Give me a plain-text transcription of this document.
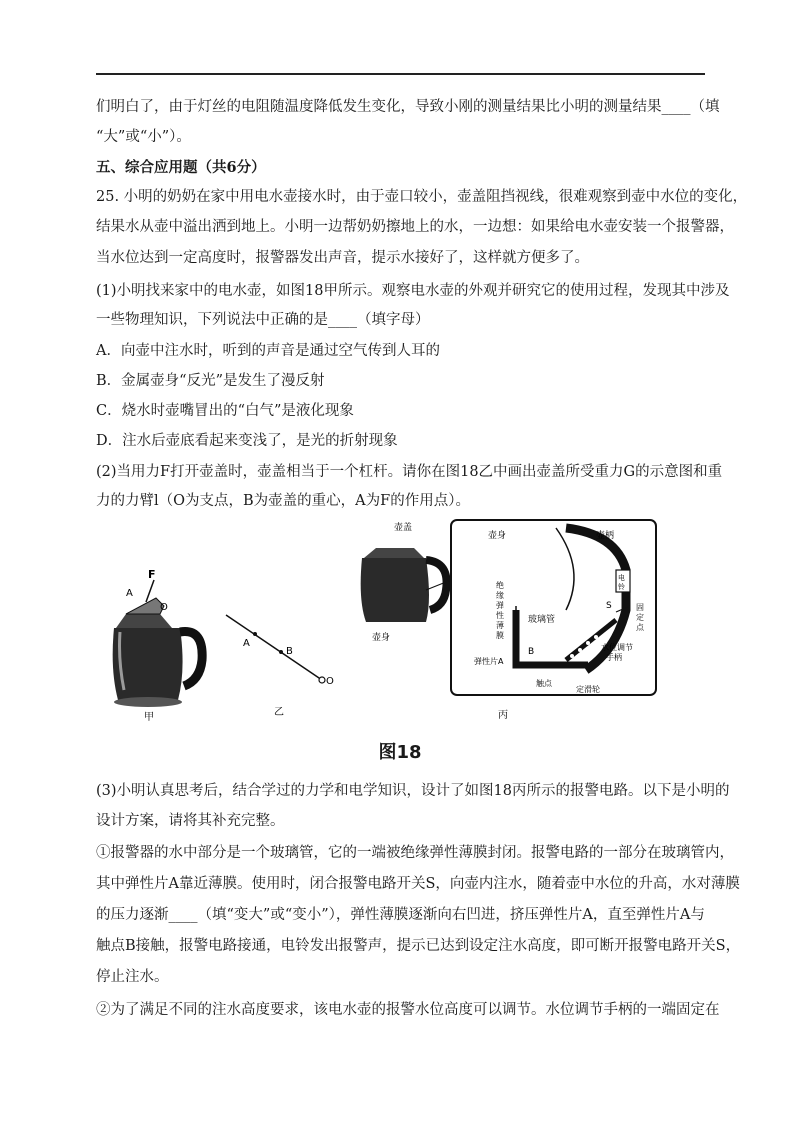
们明白了，由于灯丝的电阻随温度降低发生变化，导致小刚的测量结果比小明的测量结果____（填
“大”或“小”）。
五、综合应用题（共6分）
25. 小明的奶奶在家中用电水壶接水时，由于壶口较小，壶盖阻挡视线，很难观察到壶中水位的变化，
结果水从壶中溢出洒到地上。小明一边帮奶奶擦地上的水，一边想：如果给电水壶安装一个报警器，
当水位达到一定高度时，报警器发出声音，提示水接好了，这样就方便多了。
(1)小明找来家中的电水壶，如图18甲所示。观察电水壶的外观并研究它的使用过程，发现其中涉及
一些物理知识，下列说法中正确的是____（填字母）
A．向壶中注水时，听到的声音是通过空气传到人耳的
B．金属壶身“反光”是发生了漫反射
C．烧水时壶嘴冒出的“白气”是液化现象
D．注水后壶底看起来变浅了，是光的折射现象
(2)当用力F打开壶盖时，壶盖相当于一个杠杆。请你在图18乙中画出壶盖所受重力G的示意图和重
力的力臂l（O为支点，B为壶盖的重心，A为F的作用点）。
(3)小明认真思考后，结合学过的力学和电学知识，设计了如图18丙所示的报警电路。以下是小明的
设计方案，请将其补充完整。
①报警器的水中部分是一个玻璃管，它的一端被绝缘弹性薄膜封闭。报警电路的一部分在玻璃管内，
其中弹性片A靠近薄膜。使用时，闭合报警电路开关S，向壶内注水，随着壶中水位的升高，水对薄膜
的压力逐渐____（填“变大”或“变小”），弹性薄膜逐渐向右凹进，挤压弹性片A，直至弹性片A与
触点B接触，报警电路接通，电铃发出报警声，提示已达到设定注水高度，即可断开报警电路开关S，
停止注水。
②为了满足不同的注水高度要求，该电水壶的报警水位高度可以调节。水位调节手柄的一端固定在
F
A
O
甲
A
B
O
乙
壶盖
壶身
壶身	壶柄
玻璃管
绝
缘
弹
性
薄
膜
电
铃
S	固
定
点
弹性片A
B	水位调节
手柄
触点
定滑轮
丙
图18
